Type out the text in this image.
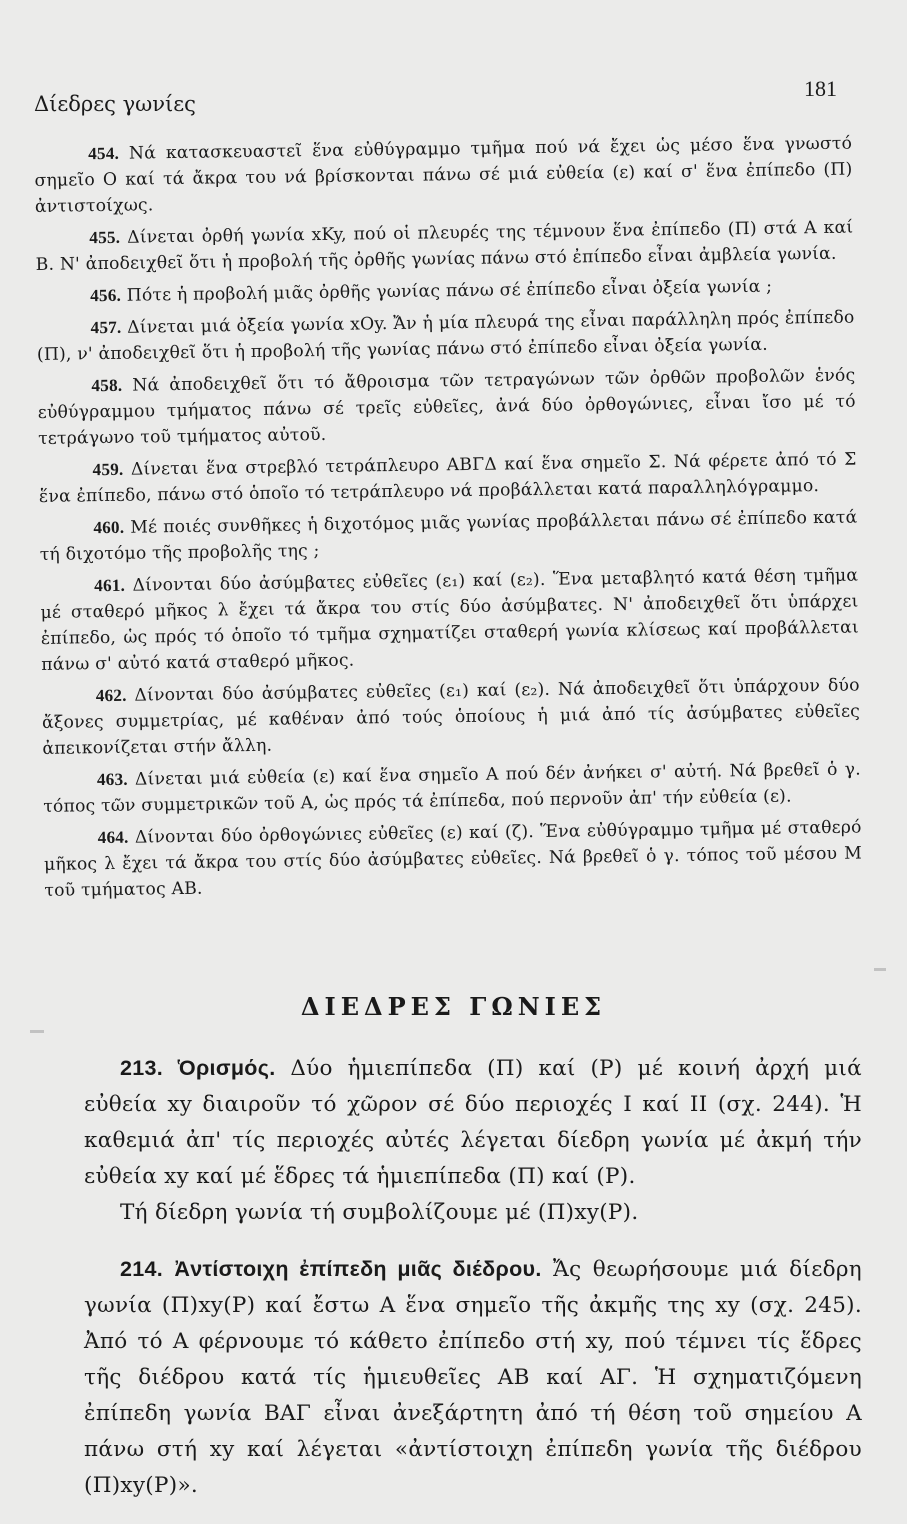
Δίεδρες γωνίες
181

454. Νά κατασκευαστεῖ ἕνα εὐθύγραμμο τμῆμα πού νά ἔχει ὡς μέσο ἕνα γνωστό σημεῖο Ο καί τά ἄκρα του νά βρίσκονται πάνω σέ μιά εὐθεία (ε) καί σ' ἕνα ἐπίπεδο (Π) ἀντιστοίχως.

455. Δίνεται ὀρθή γωνία xKy, πού οἱ πλευρές της τέμνουν ἕνα ἐπίπεδο (Π) στά Α καί Β. Ν' ἀποδειχθεῖ ὅτι ἡ προβολή τῆς ὀρθῆς γωνίας πάνω στό ἐπίπεδο εἶναι ἀμβλεία γωνία.

456. Πότε ἡ προβολή μιᾶς ὀρθῆς γωνίας πάνω σέ ἐπίπεδο εἶναι ὀξεία γωνία ;

457. Δίνεται μιά ὀξεία γωνία xOy. Ἄν ἡ μία πλευρά της εἶναι παράλληλη πρός ἐπίπεδο (Π), ν' ἀποδειχθεῖ ὅτι ἡ προβολή τῆς γωνίας πάνω στό ἐπίπεδο εἶναι ὀξεία γωνία.

458. Νά ἀποδειχθεῖ ὅτι τό ἄθροισμα τῶν τετραγώνων τῶν ὀρθῶν προβολῶν ἑνός εὐθύγραμμου τμήματος πάνω σέ τρεῖς εὐθεῖες, ἀνά δύο ὀρθογώνιες, εἶναι ἴσο μέ τό τετράγωνο τοῦ τμήματος αὐτοῦ.

459. Δίνεται ἕνα στρεβλό τετράπλευρο ΑΒΓΔ καί ἕνα σημεῖο Σ. Νά φέρετε ἀπό τό Σ ἕνα ἐπίπεδο, πάνω στό ὁποῖο τό τετράπλευρο νά προβάλλεται κατά παραλληλόγραμμο.

460. Μέ ποιές συνθῆκες ἡ διχοτόμος μιᾶς γωνίας προβάλλεται πάνω σέ ἐπίπεδο κατά τή διχοτόμο τῆς προβολῆς της ;

461. Δίνονται δύο ἀσύμβατες εὐθεῖες (ε₁) καί (ε₂). Ἕνα μεταβλητό κατά θέση τμῆμα μέ σταθερό μῆκος λ ἔχει τά ἄκρα του στίς δύο ἀσύμβατες. Ν' ἀποδειχθεῖ ὅτι ὑπάρχει ἐπίπεδο, ὡς πρός τό ὁποῖο τό τμῆμα σχηματίζει σταθερή γωνία κλίσεως καί προβάλλεται πάνω σ' αὐτό κατά σταθερό μῆκος.

462. Δίνονται δύο ἀσύμβατες εὐθεῖες (ε₁) καί (ε₂). Νά ἀποδειχθεῖ ὅτι ὑπάρχουν δύο ἄξονες συμμετρίας, μέ καθέναν ἀπό τούς ὁποίους ἡ μιά ἀπό τίς ἀσύμβατες εὐθεῖες ἀπεικονίζεται στήν ἄλλη.

463. Δίνεται μιά εὐθεία (ε) καί ἕνα σημεῖο Α πού δέν ἀνήκει σ' αὐτή. Νά βρεθεῖ ὁ γ. τόπος τῶν συμμετρικῶν τοῦ Α, ὡς πρός τά ἐπίπεδα, πού περνοῦν ἀπ' τήν εὐθεία (ε).

464. Δίνονται δύο ὀρθογώνιες εὐθεῖες (ε) καί (ζ). Ἕνα εὐθύγραμμο τμῆμα μέ σταθερό μῆκος λ ἔχει τά ἄκρα του στίς δύο ἀσύμβατες εὐθεῖες. Νά βρεθεῖ ὁ γ. τόπος τοῦ μέσου Μ τοῦ τμήματος ΑΒ.

ΔΙΕΔΡΕΣ ΓΩΝΙΕΣ

213. Ὁρισμός. Δύο ἡμιεπίπεδα (Π) καί (Ρ) μέ κοινή ἀρχή μιά εὐθεία xy διαιροῦν τό χῶρον σέ δύο περιοχές Ι καί ΙΙ (σχ. 244). Ἡ καθεμιά ἀπ' τίς περιοχές αὐτές λέγεται δίεδρη γωνία μέ ἀκμή τήν εὐθεία xy καί μέ ἕδρες τά ἡμιεπίπεδα (Π) καί (Ρ).

Τή δίεδρη γωνία τή συμβολίζουμε μέ (Π)xy(Ρ).

214. Ἀντίστοιχη ἐπίπεδη μιᾶς διέδρου. Ἄς θεωρήσουμε μιά δίεδρη γωνία (Π)xy(Ρ) καί ἔστω Α ἕνα σημεῖο τῆς ἀκμῆς της xy (σχ. 245). Ἀπό τό Α φέρνουμε τό κάθετο ἐπίπεδο στή xy, πού τέμνει τίς ἕδρες τῆς διέδρου κατά τίς ἡμιευθεῖες ΑΒ καί ΑΓ. Ἡ σχηματιζόμενη ἐπίπεδη γωνία ΒΑΓ εἶναι ἀνεξάρτητη ἀπό τή θέση τοῦ σημείου Α πάνω στή xy καί λέγεται «ἀντίστοιχη ἐπίπεδη γωνία τῆς διέδρου (Π)xy(Ρ)».
